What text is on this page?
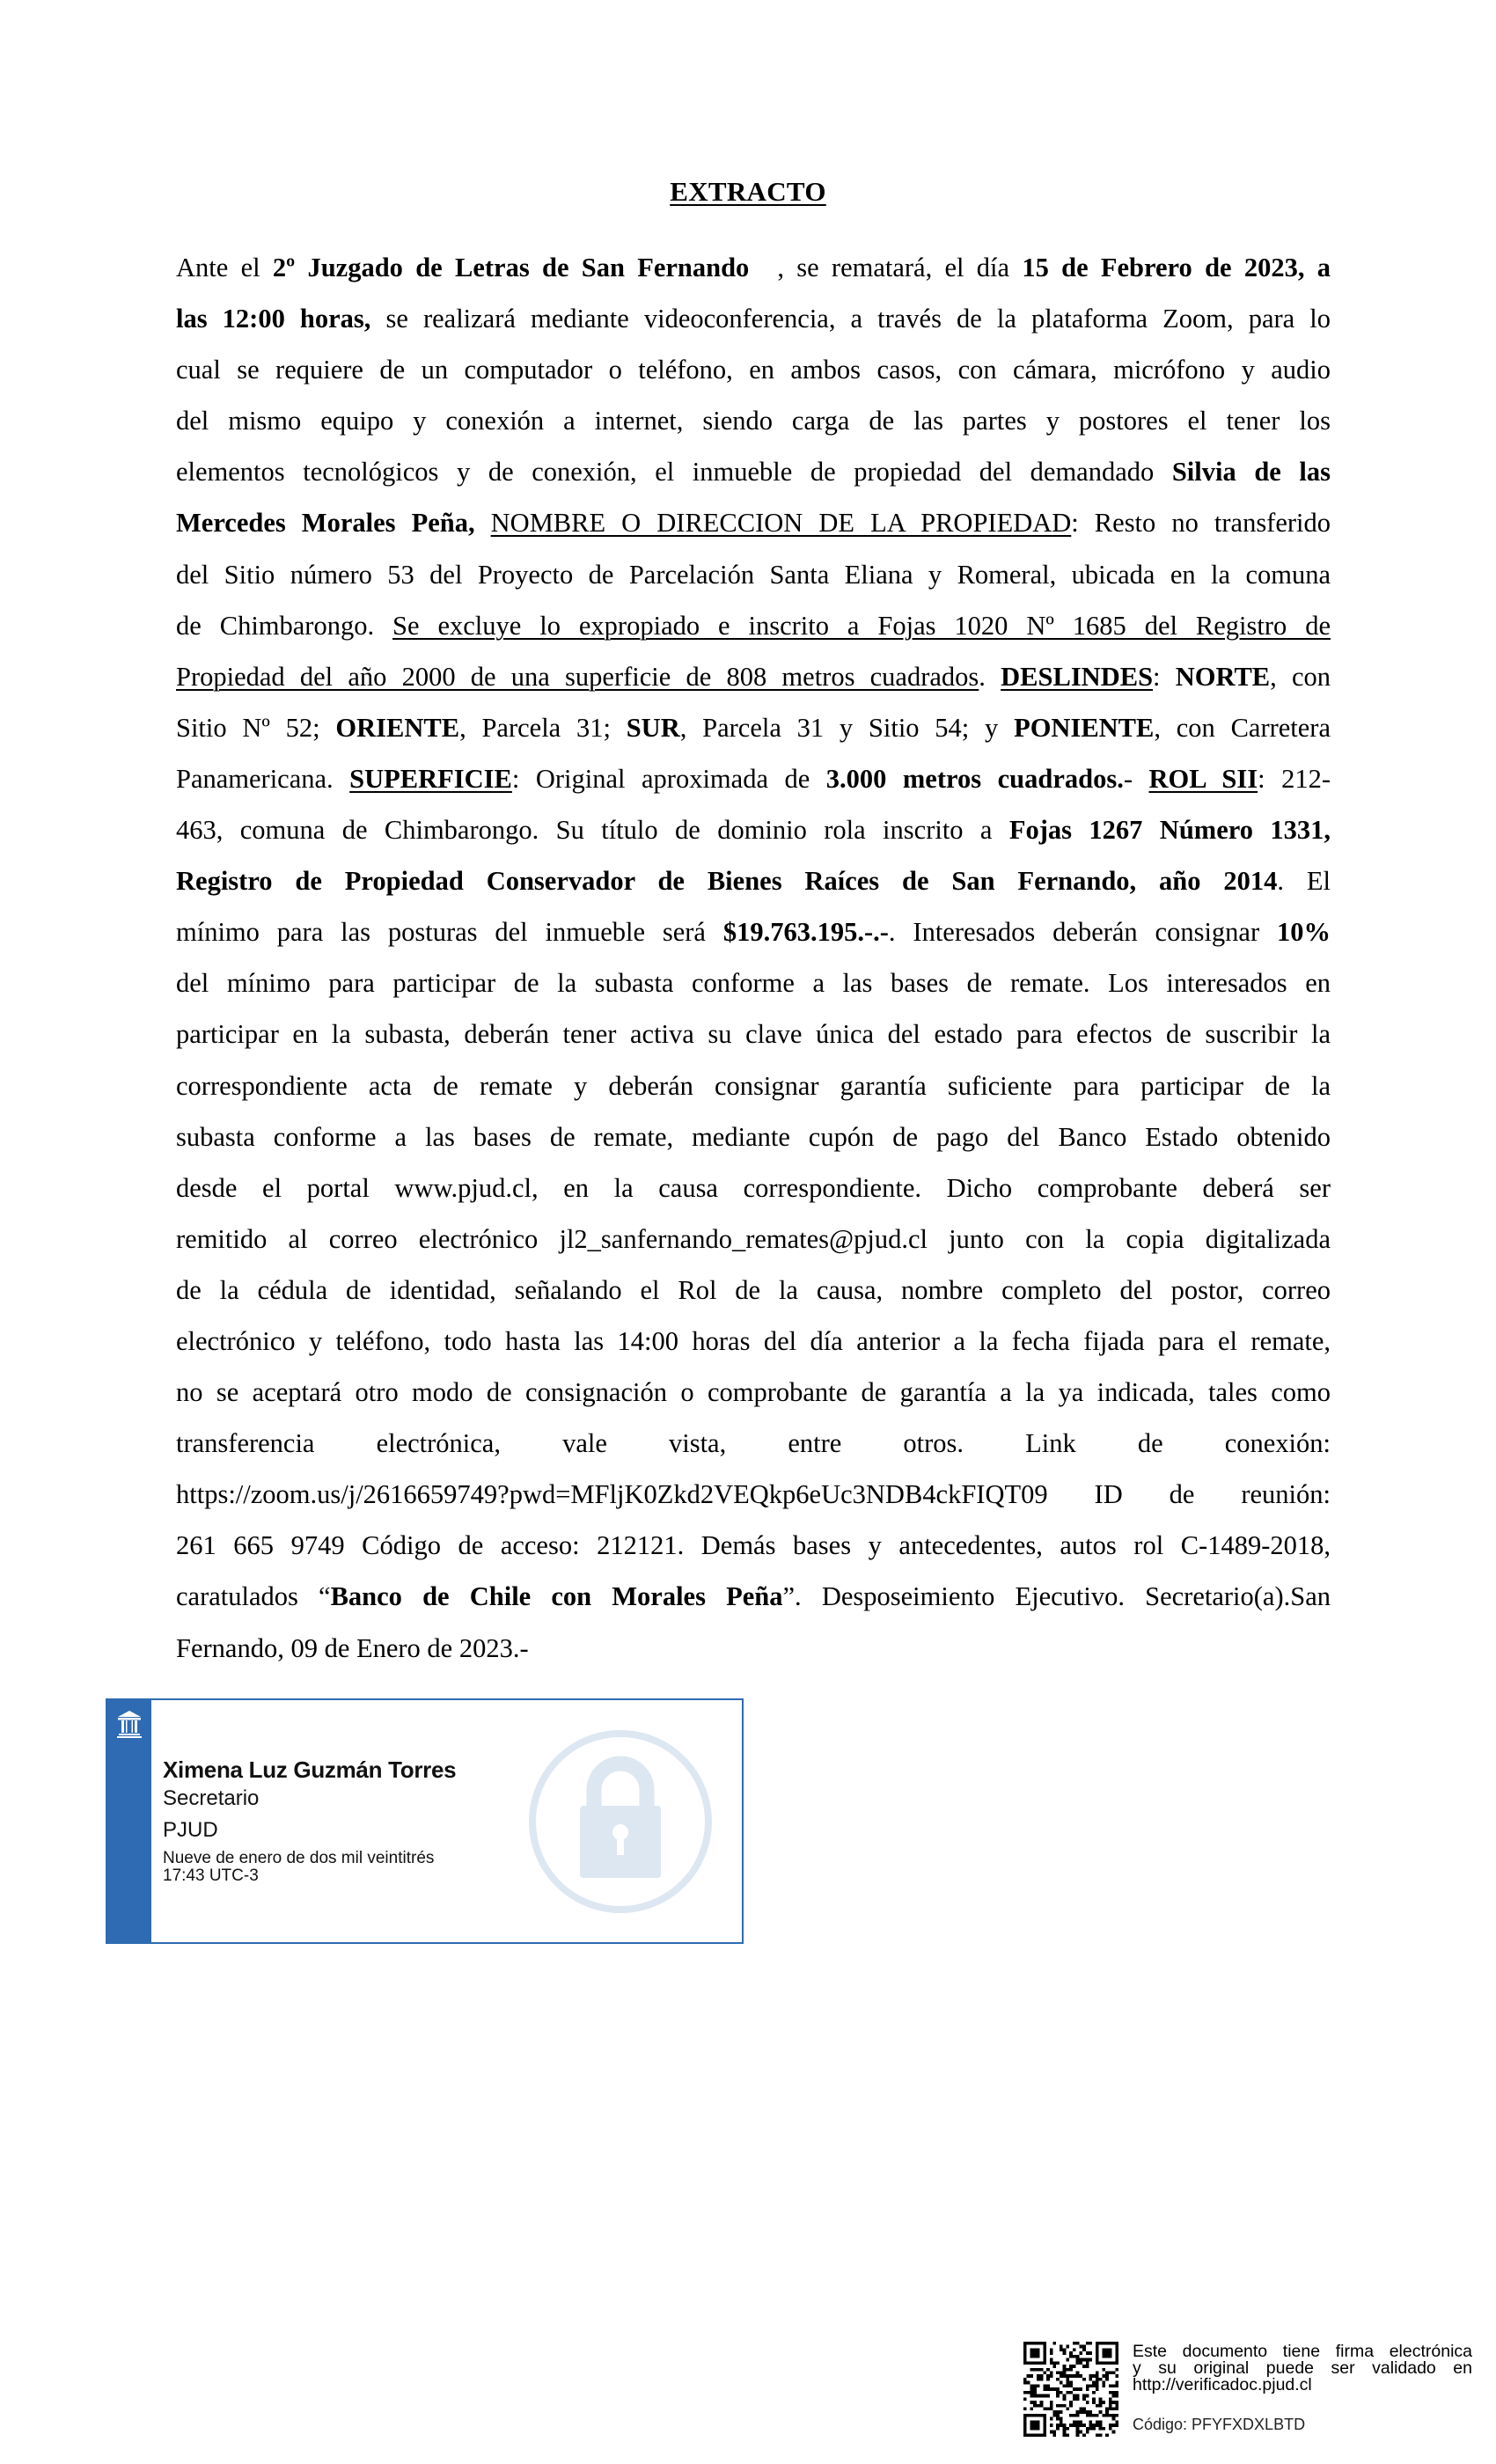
EXTRACTO
Ante el 2º Juzgado de Letras de San Fernando , se rematará, el día 15 de Febrero de 2023, a
las 12:00 horas, se realizará mediante videoconferencia, a través de la plataforma Zoom, para lo
cual se requiere de un computador o teléfono, en ambos casos, con cámara, micrófono y audio
del mismo equipo y conexión a internet, siendo carga de las partes y postores el tener los
elementos tecnológicos y de conexión, el inmueble de propiedad del demandado Silvia de las
Mercedes Morales Peña, NOMBRE O DIRECCION DE LA PROPIEDAD: Resto no transferido
del Sitio número 53 del Proyecto de Parcelación Santa Eliana y Romeral, ubicada en la comuna
de Chimbarongo. Se excluye lo expropiado e inscrito a Fojas 1020 Nº 1685 del Registro de
Propiedad del año 2000 de una superficie de 808 metros cuadrados. DESLINDES: NORTE, con
Sitio Nº 52; ORIENTE, Parcela 31; SUR, Parcela 31 y Sitio 54; y PONIENTE, con Carretera
Panamericana. SUPERFICIE: Original aproximada de 3.000 metros cuadrados.- ROL SII: 212-
463, comuna de Chimbarongo. Su título de dominio rola inscrito a Fojas 1267 Número 1331,
Registro de Propiedad Conservador de Bienes Raíces de San Fernando, año 2014. El
mínimo para las posturas del inmueble será $19.763.195.-.-. Interesados deberán consignar 10%
del mínimo para participar de la subasta conforme a las bases de remate. Los interesados en
participar en la subasta, deberán tener activa su clave única del estado para efectos de suscribir la
correspondiente acta de remate y deberán consignar garantía suficiente para participar de la
subasta conforme a las bases de remate, mediante cupón de pago del Banco Estado obtenido
desde el portal www.pjud.cl, en la causa correspondiente. Dicho comprobante deberá ser
remitido al correo electrónico jl2_sanfernando_remates@pjud.cl junto con la copia digitalizada
de la cédula de identidad, señalando el Rol de la causa, nombre completo del postor, correo
electrónico y teléfono, todo hasta las 14:00 horas del día anterior a la fecha fijada para el remate,
no se aceptará otro modo de consignación o comprobante de garantía a la ya indicada, tales como
transferencia electrónica, vale vista, entre otros. Link de conexión:
https://zoom.us/j/2616659749?pwd=MFljK0Zkd2VEQkp6eUc3NDB4ckFIQT09 ID de reunión:
261 665 9749 Código de acceso: 212121. Demás bases y antecedentes, autos rol C-1489-2018,
caratulados “Banco de Chile con Morales Peña”. Desposeimiento Ejecutivo. Secretario(a).San
Fernando, 09 de Enero de 2023.-
Ximena Luz Guzmán Torres
Secretario
PJUD
Nueve de enero de dos mil veintitrés
17:43 UTC-3
Este documento tiene firma electrónica
y su original puede ser validado en
http://verificadoc.pjud.cl
Código: PFYFXDXLBTD
